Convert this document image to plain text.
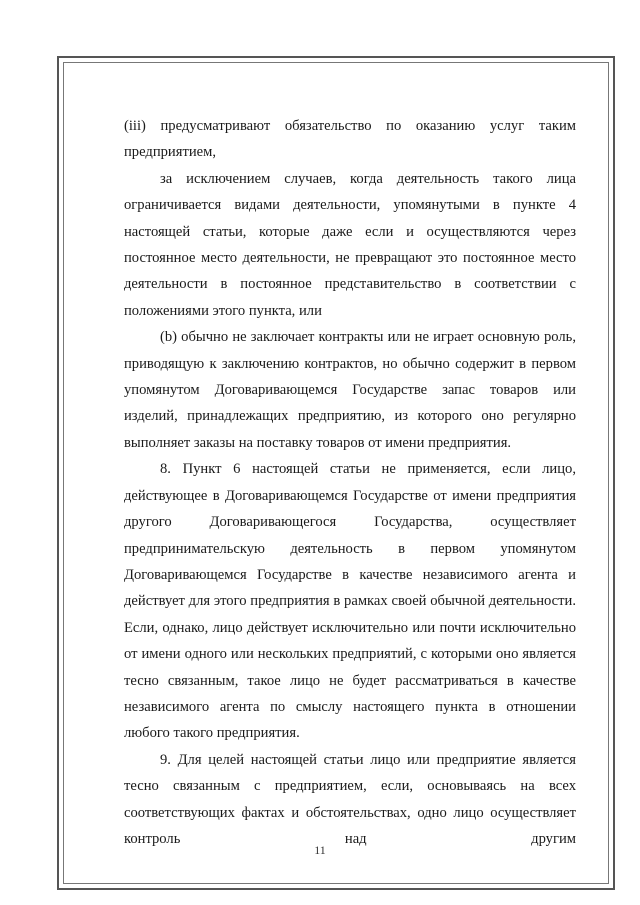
(iii) предусматривают обязательство по оказанию услуг таким предприятием,

за исключением случаев, когда деятельность такого лица ограничивается видами деятельности, упомянутыми в пункте 4 настоящей статьи, которые даже если и осуществляются через постоянное место деятельности, не превращают это постоянное место деятельности в постоянное представительство в соответствии с положениями этого пункта, или

(b) обычно не заключает контракты или не играет основную роль, приводящую к заключению контрактов, но обычно содержит в первом упомянутом Договаривающемся Государстве запас товаров или изделий, принадлежащих предприятию, из которого оно регулярно выполняет заказы на поставку товаров от имени предприятия.

8. Пункт 6 настоящей статьи не применяется, если лицо, действующее в Договаривающемся Государстве от имени предприятия другого Договаривающегося Государства, осуществляет предпринимательскую деятельность в первом упомянутом Договаривающемся Государстве в качестве независимого агента и действует для этого предприятия в рамках своей обычной деятельности. Если, однако, лицо действует исключительно или почти исключительно от имени одного или нескольких предприятий, с которыми оно является тесно связанным, такое лицо не будет рассматриваться в качестве независимого агента по смыслу настоящего пункта в отношении любого такого предприятия.

9. Для целей настоящей статьи лицо или предприятие является тесно связанным с предприятием, если, основываясь на всех соответствующих фактах и обстоятельствах, одно лицо осуществляет контроль над другим

11
